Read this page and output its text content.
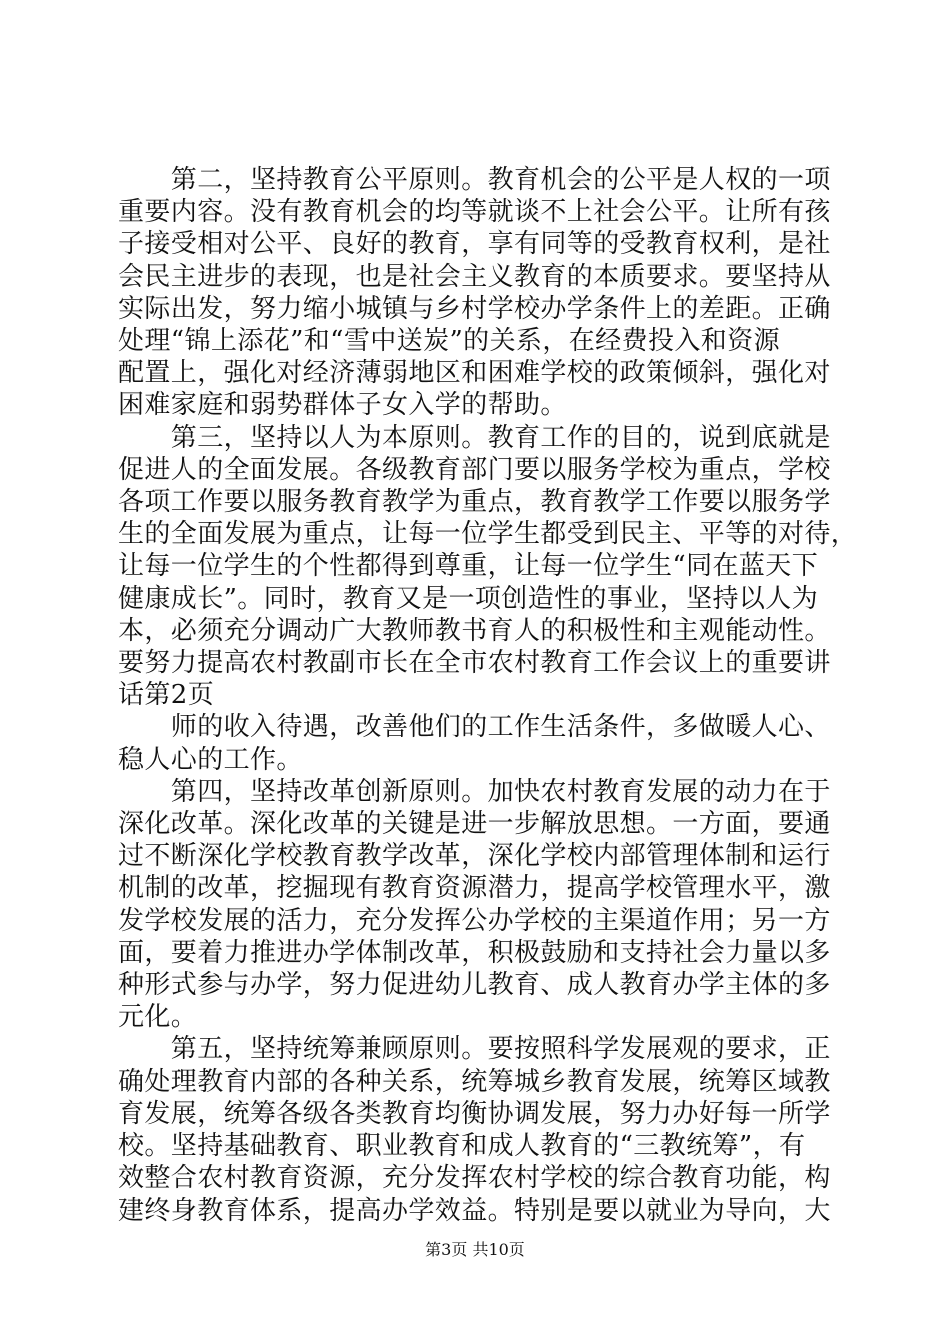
　　第二，坚持教育公平原则。教育机会的公平是人权的一项
重要内容。没有教育机会的均等就谈不上社会公平。让所有孩
子接受相对公平、良好的教育，享有同等的受教育权利，是社
会民主进步的表现，也是社会主义教育的本质要求。要坚持从
实际出发，努力缩小城镇与乡村学校办学条件上的差距。正确
处理“锦上添花”和“雪中送炭”的关系，在经费投入和资源
配置上，强化对经济薄弱地区和困难学校的政策倾斜，强化对
困难家庭和弱势群体子女入学的帮助。
　　第三，坚持以人为本原则。教育工作的目的，说到底就是
促进人的全面发展。各级教育部门要以服务学校为重点，学校
各项工作要以服务教育教学为重点，教育教学工作要以服务学
生的全面发展为重点，让每一位学生都受到民主、平等的对待，
让每一位学生的个性都得到尊重，让每一位学生“同在蓝天下
健康成长”。同时，教育又是一项创造性的事业，坚持以人为
本，必须充分调动广大教师教书育人的积极性和主观能动性。
要努力提高农村教副市长在全市农村教育工作会议上的重要讲
话第2页
　　师的收入待遇，改善他们的工作生活条件，多做暖人心、
稳人心的工作。
　　第四，坚持改革创新原则。加快农村教育发展的动力在于
深化改革。深化改革的关键是进一步解放思想。一方面，要通
过不断深化学校教育教学改革，深化学校内部管理体制和运行
机制的改革，挖掘现有教育资源潜力，提高学校管理水平，激
发学校发展的活力，充分发挥公办学校的主渠道作用；另一方
面，要着力推进办学体制改革，积极鼓励和支持社会力量以多
种形式参与办学，努力促进幼儿教育、成人教育办学主体的多
元化。
　　第五，坚持统筹兼顾原则。要按照科学发展观的要求，正
确处理教育内部的各种关系，统筹城乡教育发展，统筹区域教
育发展，统筹各级各类教育均衡协调发展，努力办好每一所学
校。坚持基础教育、职业教育和成人教育的“三教统筹”，有
效整合农村教育资源，充分发挥农村学校的综合教育功能，构
建终身教育体系，提高办学效益。特别是要以就业为导向，大
第3页 共10页
